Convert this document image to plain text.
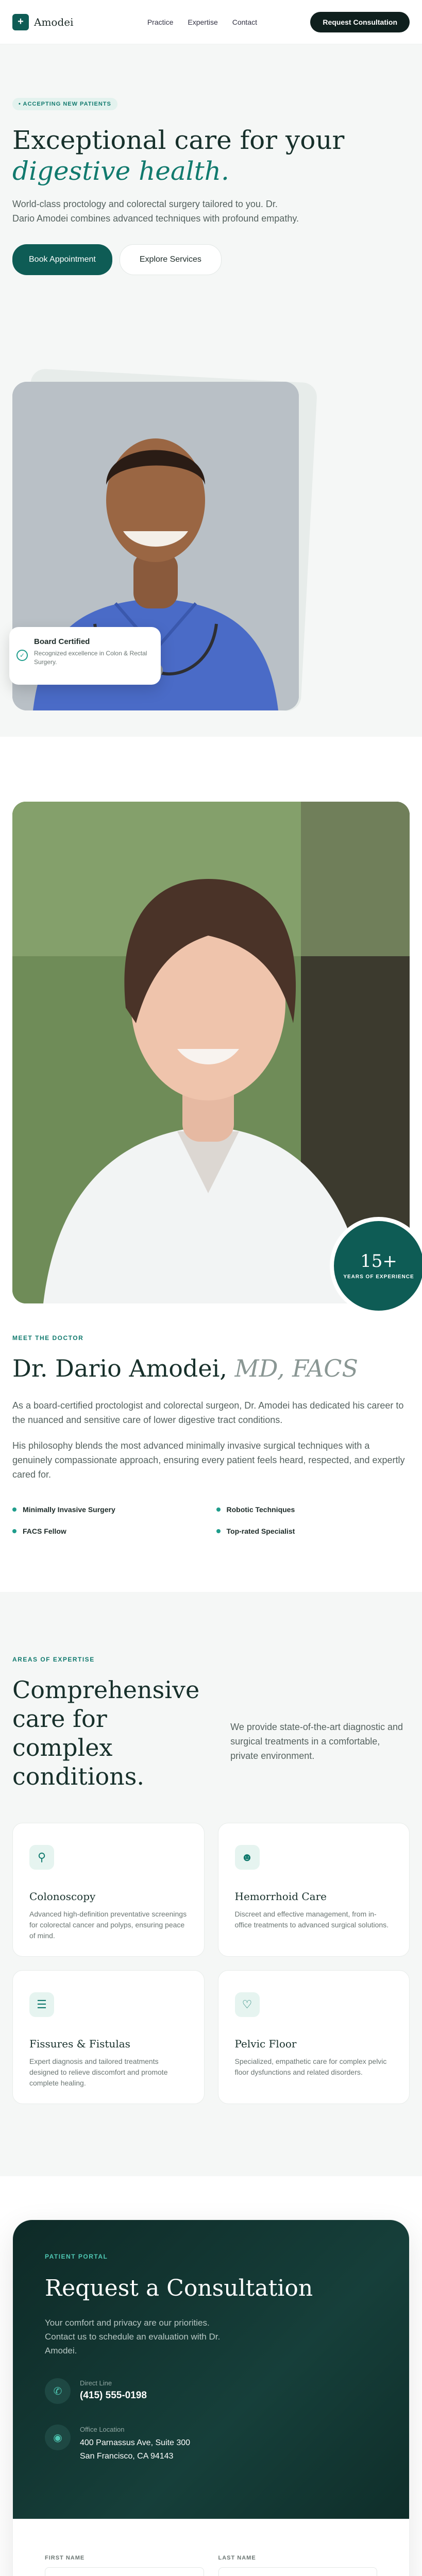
+	Amodei	Practice Expertise Contact	Request Consultation
• ACCEPTING NEW PATIENTS
Exceptional care for your
digestive health.

World-class proctology and colorectal surgery tailored to you. Dr. Dario Amodei combines advanced techniques with profound empathy.

Book Appointment	Explore Services
✓
Board Certified
Recognized excellence in Colon & Rectal Surgery.
15+
YEARS OF EXPERIENCE
MEET THE DOCTOR
Dr. Dario Amodei, MD, FACS

As a board-certified proctologist and colorectal surgeon, Dr. Amodei has dedicated his career to the nuanced and sensitive care of lower digestive tract conditions.

His philosophy blends the most advanced minimally invasive surgical techniques with a genuinely compassionate approach, ensuring every patient feels heard, respected, and expertly cared for.

Minimally Invasive Surgery	Robotic Techniques
FACS Fellow	Top-rated Specialist
AREAS OF EXPERTISE
Comprehensive care for complex conditions.

We provide state-of-the-art diagnostic and surgical treatments in a comfortable, private environment.

⚲
Colonoscopy
Advanced high-definition preventative screenings for colorectal cancer and polyps, ensuring peace of mind.
☻
Hemorrhoid Care
Discreet and effective management, from in-office treatments to advanced surgical solutions.
☰
Fissures & Fistulas
Expert diagnosis and tailored treatments designed to relieve discomfort and promote complete healing.
♡
Pelvic Floor
Specialized, empathetic care for complex pelvic floor dysfunctions and related disorders.
PATIENT PORTAL
Request a Consultation

Your comfort and privacy are our priorities. Contact us to schedule an evaluation with Dr. Amodei.

✆
Direct Line
(415) 555-0198
◉
Office Location
400 Parnassus Ave, Suite 300
San Francisco, CA 94143
FIRST NAME	LAST NAME
